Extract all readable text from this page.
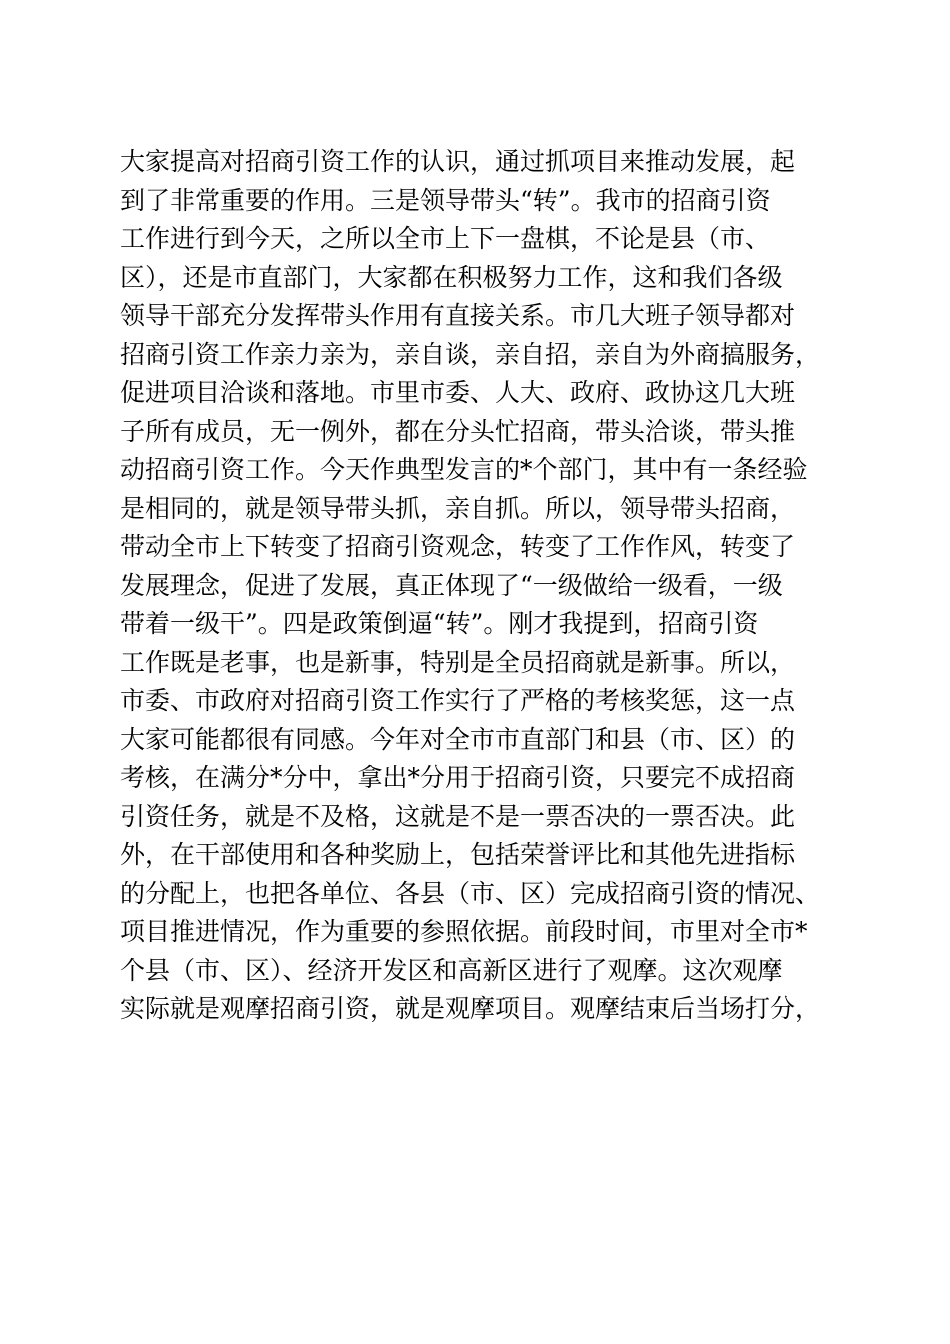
大家提高对招商引资工作的认识，通过抓项目来推动发展，起
到了非常重要的作用。三是领导带头“转”。我市的招商引资
工作进行到今天，之所以全市上下一盘棋，不论是县（市、
区），还是市直部门，大家都在积极努力工作，这和我们各级
领导干部充分发挥带头作用有直接关系。市几大班子领导都对
招商引资工作亲力亲为，亲自谈，亲自招，亲自为外商搞服务，
促进项目洽谈和落地。市里市委、人大、政府、政协这几大班
子所有成员，无一例外，都在分头忙招商，带头洽谈，带头推
动招商引资工作。今天作典型发言的*个部门，其中有一条经验
是相同的，就是领导带头抓，亲自抓。所以，领导带头招商，
带动全市上下转变了招商引资观念，转变了工作作风，转变了
发展理念，促进了发展，真正体现了“一级做给一级看，一级
带着一级干”。四是政策倒逼“转”。刚才我提到，招商引资
工作既是老事，也是新事，特别是全员招商就是新事。所以，
市委、市政府对招商引资工作实行了严格的考核奖惩，这一点
大家可能都很有同感。今年对全市市直部门和县（市、区）的
考核，在满分*分中，拿出*分用于招商引资，只要完不成招商
引资任务，就是不及格，这就是不是一票否决的一票否决。此
外，在干部使用和各种奖励上，包括荣誉评比和其他先进指标
的分配上，也把各单位、各县（市、区）完成招商引资的情况、
项目推进情况，作为重要的参照依据。前段时间，市里对全市*
个县（市、区）、经济开发区和高新区进行了观摩。这次观摩
实际就是观摩招商引资，就是观摩项目。观摩结束后当场打分，
